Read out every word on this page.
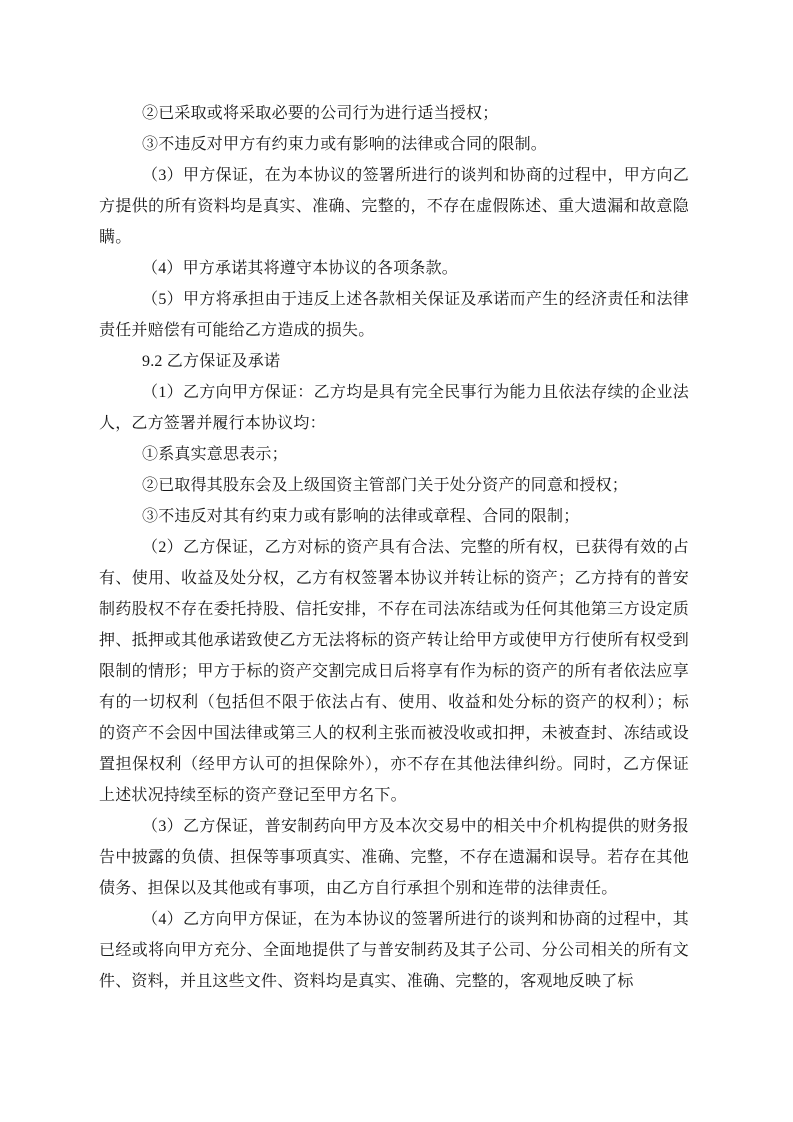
②已采取或将采取必要的公司行为进行适当授权；

③不违反对甲方有约束力或有影响的法律或合同的限制。

（3）甲方保证，在为本协议的签署所进行的谈判和协商的过程中，甲方向乙方提供的所有资料均是真实、准确、完整的，不存在虚假陈述、重大遗漏和故意隐瞒。

（4）甲方承诺其将遵守本协议的各项条款。

（5）甲方将承担由于违反上述各款相关保证及承诺而产生的经济责任和法律责任并赔偿有可能给乙方造成的损失。

9.2 乙方保证及承诺

（1）乙方向甲方保证：乙方均是具有完全民事行为能力且依法存续的企业法人，乙方签署并履行本协议均：

①系真实意思表示；

②已取得其股东会及上级国资主管部门关于处分资产的同意和授权；

③不违反对其有约束力或有影响的法律或章程、合同的限制；

（2）乙方保证，乙方对标的资产具有合法、完整的所有权，已获得有效的占有、使用、收益及处分权，乙方有权签署本协议并转让标的资产；乙方持有的普安制药股权不存在委托持股、信托安排，不存在司法冻结或为任何其他第三方设定质押、抵押或其他承诺致使乙方无法将标的资产转让给甲方或使甲方行使所有权受到限制的情形；甲方于标的资产交割完成日后将享有作为标的资产的所有者依法应享有的一切权利（包括但不限于依法占有、使用、收益和处分标的资产的权利）；标的资产不会因中国法律或第三人的权利主张而被没收或扣押，未被查封、冻结或设置担保权利（经甲方认可的担保除外），亦不存在其他法律纠纷。同时，乙方保证上述状况持续至标的资产登记至甲方名下。

（3）乙方保证，普安制药向甲方及本次交易中的相关中介机构提供的财务报告中披露的负债、担保等事项真实、准确、完整，不存在遗漏和误导。若存在其他债务、担保以及其他或有事项，由乙方自行承担个别和连带的法律责任。

（4）乙方向甲方保证，在为本协议的签署所进行的谈判和协商的过程中，其已经或将向甲方充分、全面地提供了与普安制药及其子公司、分公司相关的所有文件、资料，并且这些文件、资料均是真实、准确、完整的，客观地反映了标
